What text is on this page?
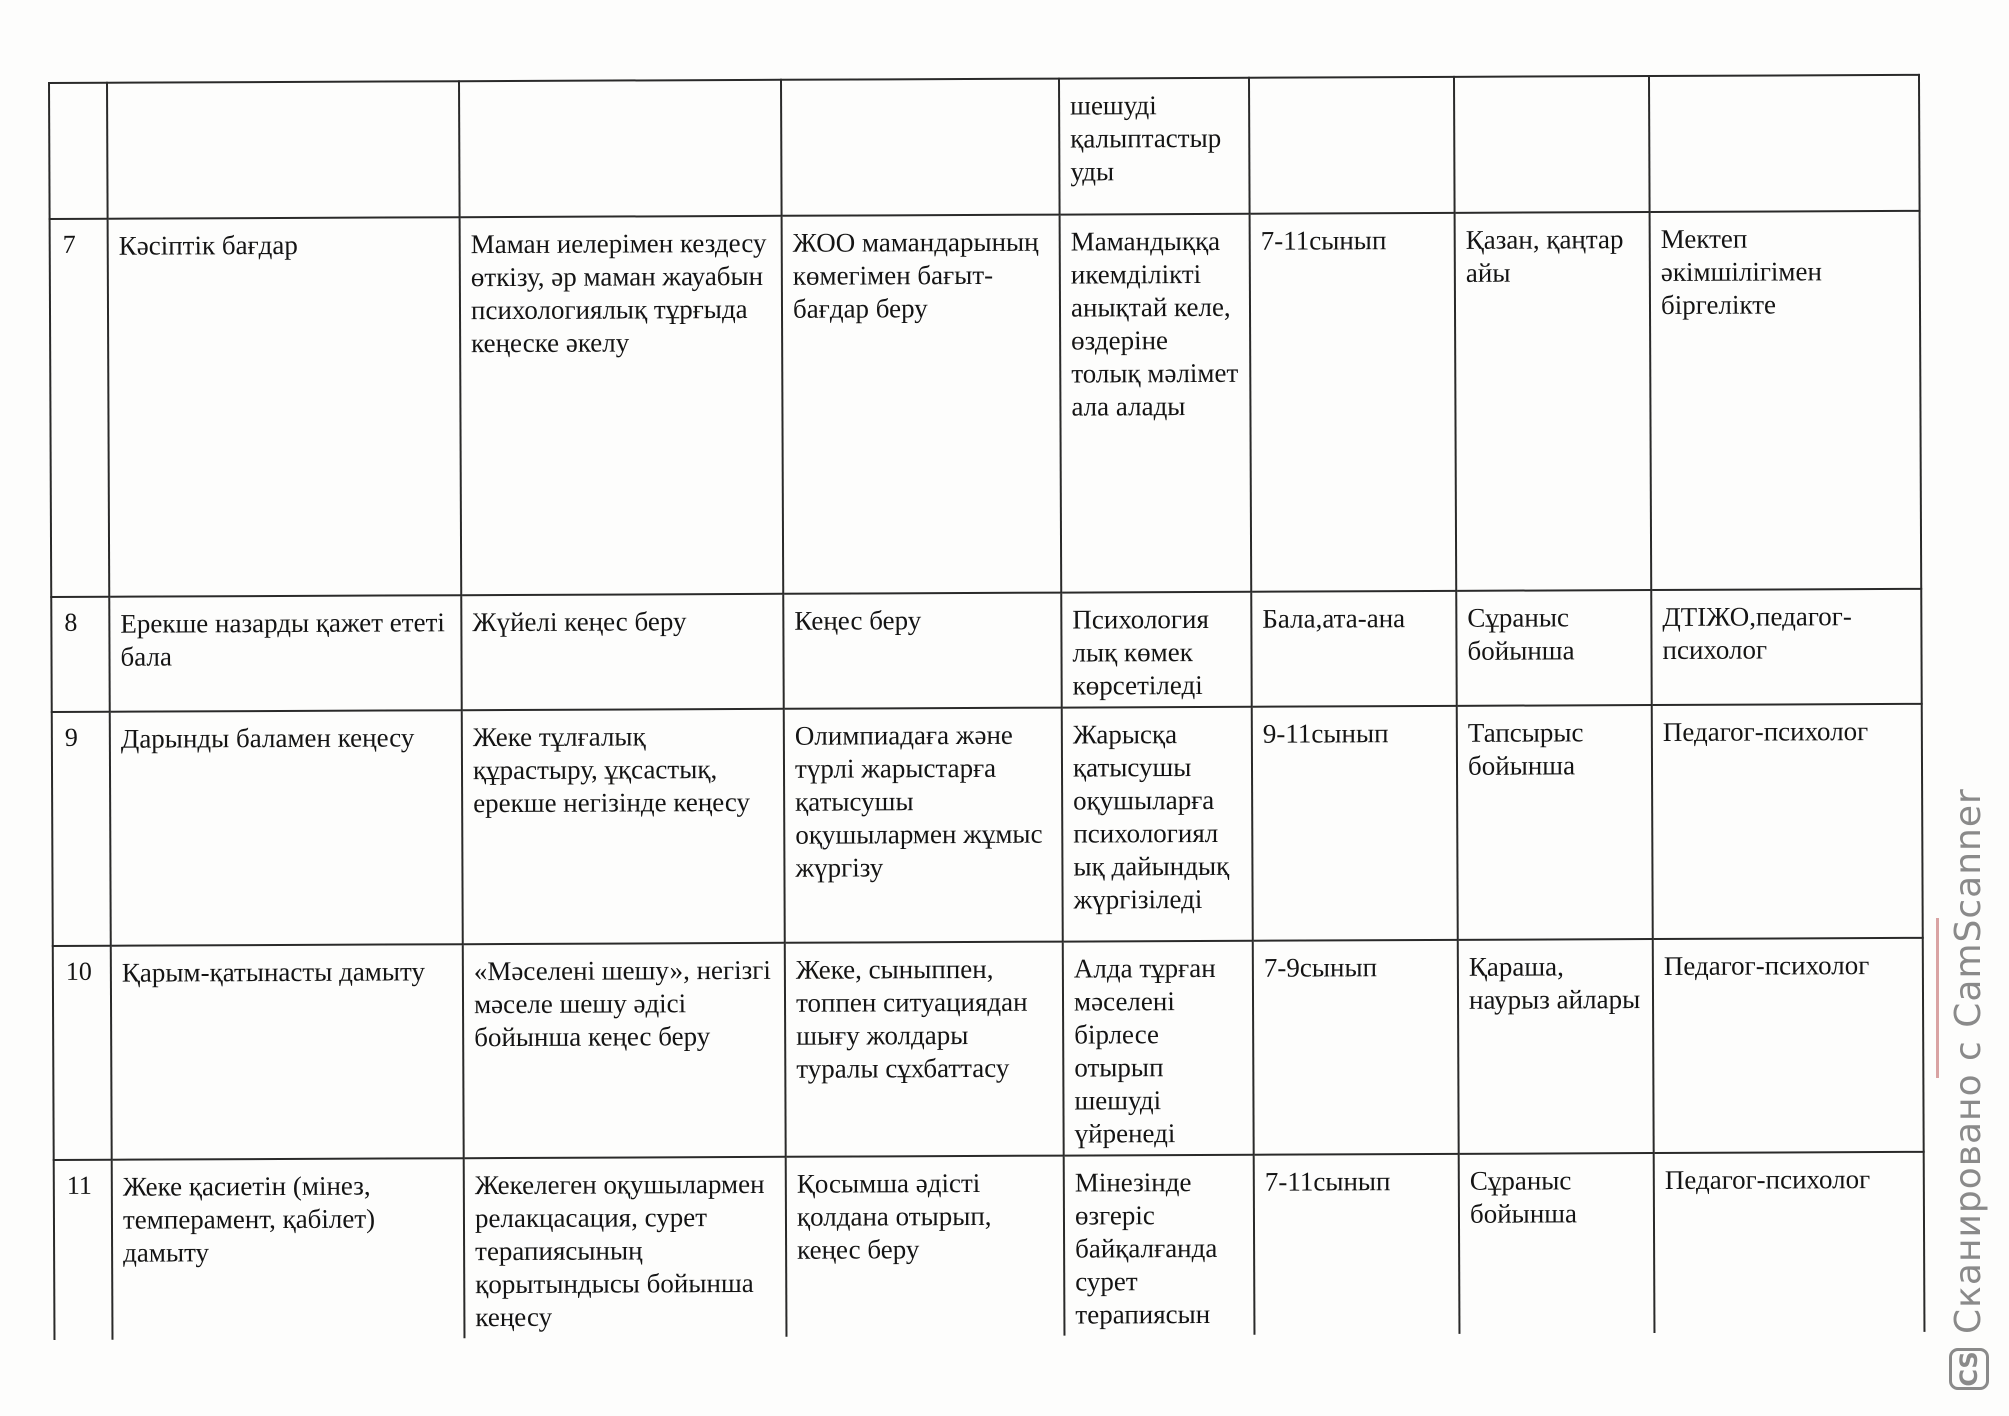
				шешуді қалыптастыр уды			
7	Кәсіптік бағдар	Маман иелерімен кездесу өткізу, әр маман жауабын психологиялық тұрғыда кеңеске әкелу	ЖОО мамандарының көмегімен бағыт-бағдар беру	Мамандыққа икемділікті анықтай келе, өздеріне толық мәлімет ала алады	7-11сынып	Қазан, қаңтар айы	Мектеп әкімшілігімен біргелікте
8	Ерекше назарды қажет ететі бала	Жүйелі кеңес беру	Кеңес беру	Психология лық көмек көрсетіледі	Бала,ата-ана	Сұраныс бойынша	ДТІЖО,педагог-психолог
9	Дарынды баламен кеңесу	Жеке тұлғалық құрастыру, ұқсастық, ерекше негізінде кеңесу	Олимпиадаға және түрлі жарыстарға қатысушы оқушылармен жұмыс жүргізу	Жарысқа қатысушы оқушыларға психологиял ық дайындық жүргізіледі	9-11сынып	Тапсырыс бойынша	Педагог-психолог
10	Қарым-қатынасты дамыту	«Мәселені шешу», негізгі мәселе шешу әдісі бойынша кеңес беру	Жеке, сыныппен, топпен ситуациядан шығу жолдары туралы сұхбаттасу	Алда тұрған мәселені бірлесе отырып шешуді үйренеді	7-9сынып	Қараша, наурыз айлары	Педагог-психолог
11	Жеке қасиетін (мінез, темперамент, қабілет) дамыту	Жекелеген оқушылармен релакцасация, сурет терапиясының қорытындысы бойынша кеңесу	Қосымша әдісті қолдана отырып, кеңес беру	Мінезінде өзгеріс байқалғанда сурет терапиясын	7-11сынып	Сұраныс бойынша	Педагог-психолог
CS
Сканировано с CamScanner
